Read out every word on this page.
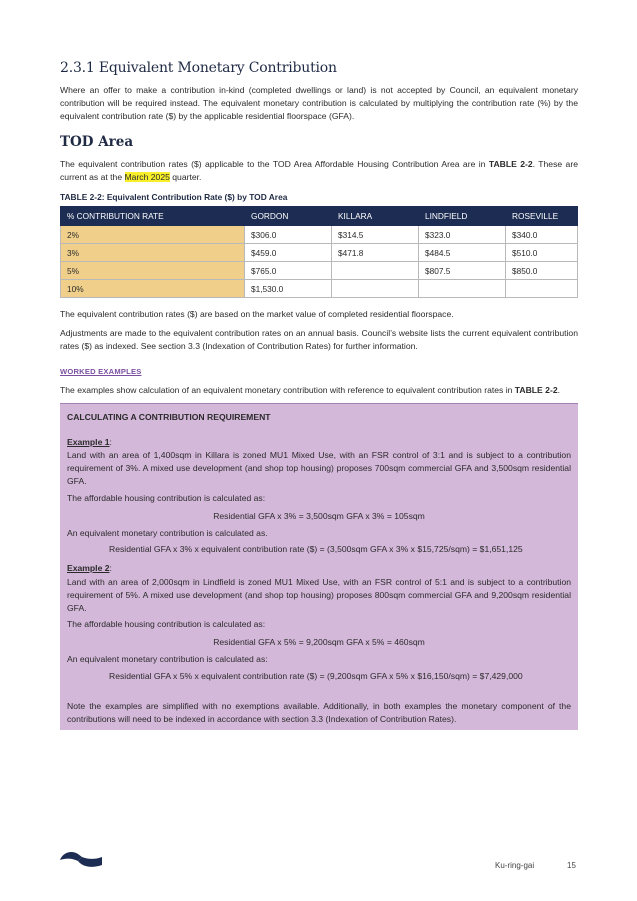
2.3.1 Equivalent Monetary Contribution
Where an offer to make a contribution in-kind (completed dwellings or land) is not accepted by Council, an equivalent monetary contribution will be required instead. The equivalent monetary contribution is calculated by multiplying the contribution rate (%) by the equivalent contribution rate ($) by the applicable residential floorspace (GFA).
TOD Area
The equivalent contribution rates ($) applicable to the TOD Area Affordable Housing Contribution Area are in TABLE 2-2. These are current as at the March 2025 quarter.
TABLE 2-2: Equivalent Contribution Rate ($) by TOD Area
% CONTRIBUTION RATE	GORDON	KILLARA	LINDFIELD	ROSEVILLE
2%	$306.0	$314.5	$323.0	$340.0
3%	$459.0	$471.8	$484.5	$510.0
5%	$765.0		$807.5	$850.0
10%	$1,530.0			
The equivalent contribution rates ($) are based on the market value of completed residential floorspace.
Adjustments are made to the equivalent contribution rates on an annual basis. Council’s website lists the current equivalent contribution rates ($) as indexed. See section 3.3 (Indexation of Contribution Rates) for further information.
WORKED EXAMPLES
The examples show calculation of an equivalent monetary contribution with reference to equivalent contribution rates in TABLE 2-2.
CALCULATING A CONTRIBUTION REQUIREMENT
Example 1:
Land with an area of 1,400sqm in Killara is zoned MU1 Mixed Use, with an FSR control of 3:1 and is subject to a contribution requirement of 3%. A mixed use development (and shop top housing) proposes 700sqm commercial GFA and 3,500sqm residential GFA.
The affordable housing contribution is calculated as:
Residential GFA x 3% = 3,500sqm GFA x 3% = 105sqm
An equivalent monetary contribution is calculated as.
Residential GFA x 3% x equivalent contribution rate ($) = (3,500sqm GFA x 3% x $15,725/sqm) = $1,651,125
Example 2:
Land with an area of 2,000sqm in Lindfield is zoned MU1 Mixed Use, with an FSR control of 5:1 and is subject to a contribution requirement of 5%. A mixed use development (and shop top housing) proposes 800sqm commercial GFA and 9,200sqm residential GFA.
The affordable housing contribution is calculated as:
Residential GFA x 5% = 9,200sqm GFA x 5% = 460sqm
An equivalent monetary contribution is calculated as:
Residential GFA x 5% x equivalent contribution rate ($) = (9,200sqm GFA x 5% x $16,150/sqm) = $7,429,000
Note the examples are simplified with no exemptions available. Additionally, in both examples the monetary component of the contributions will need to be indexed in accordance with section 3.3 (Indexation of Contribution Rates).
Ku-ring-gai	15
